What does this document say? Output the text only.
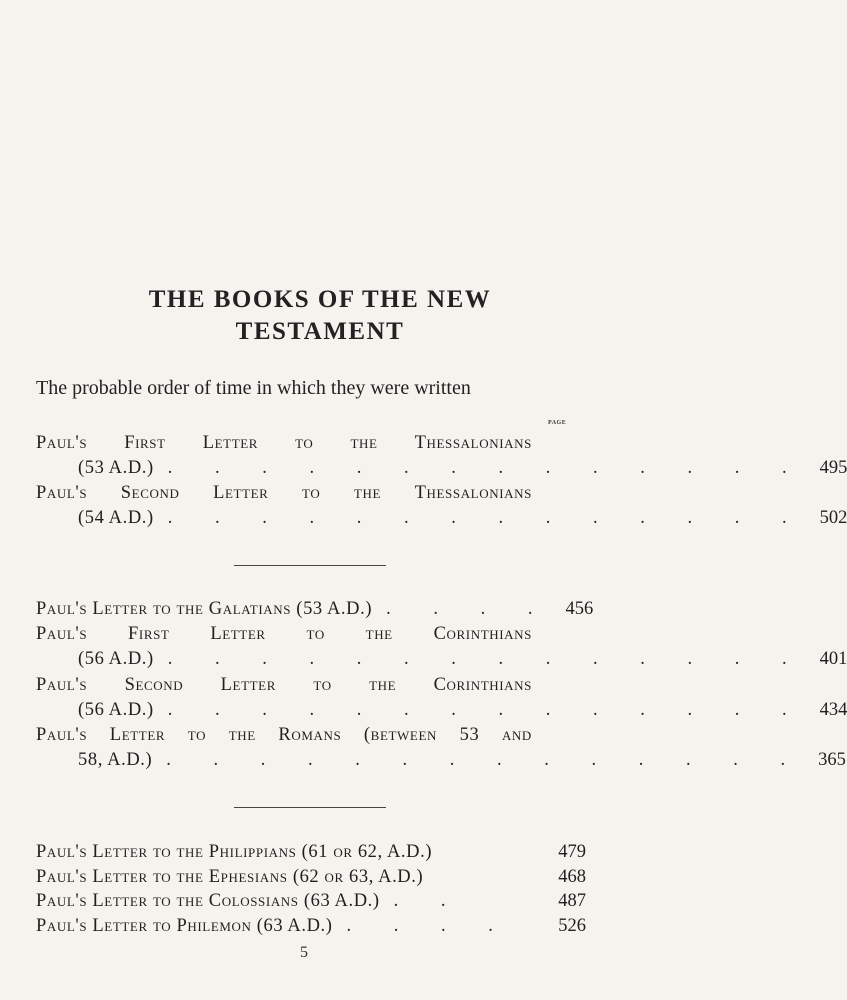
THE BOOKS OF THE NEW
TESTAMENT
The probable order of time in which they were written
page
Paul's First Letter to the Thessalonians
(53 A.D.) . . . . . . . . . . . . . . 495
Paul's Second Letter to the Thessalonians
(54 A.D.) . . . . . . . . . . . . . . 502
Paul's Letter to the Galatians (53 A.D.) . . . . 456
Paul's First Letter to the Corinthians
(56 A.D.) . . . . . . . . . . . . . . 401
Paul's Second Letter to the Corinthians
(56 A.D.) . . . . . . . . . . . . . . 434
Paul's Letter to the Romans (between 53 and
58, A.D.) . . . . . . . . . . . . . . 365
Paul's Letter to the Philippians (61 or 62, A.D.)	479
Paul's Letter to the Ephesians (62 or 63, A.D.)	468
Paul's Letter to the Colossians (63 A.D.) . .	487
Paul's Letter to Philemon (63 A.D.) . . . .	526
5
